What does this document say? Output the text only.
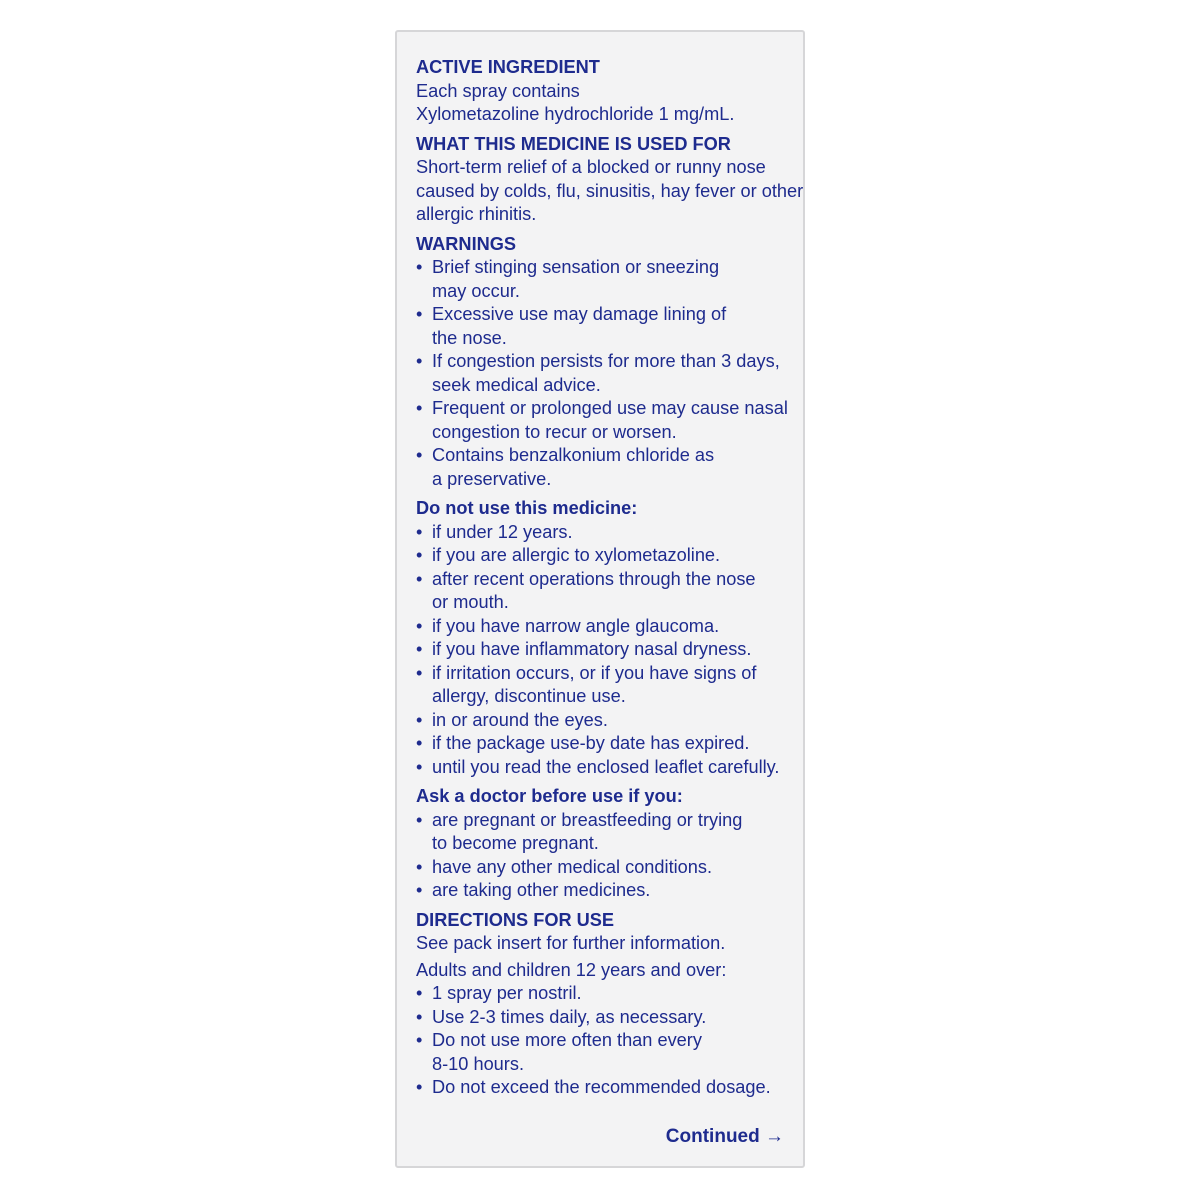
ACTIVE INGREDIENT
Each spray contains
Xylometazoline hydrochloride 1 mg/mL.
WHAT THIS MEDICINE IS USED FOR
Short-term relief of a blocked or runny nose
caused by colds, flu, sinusitis, hay fever or other
allergic rhinitis.
WARNINGS
• Brief stinging sensation or sneezing
may occur.
• Excessive use may damage lining of
the nose.
• If congestion persists for more than 3 days,
seek medical advice.
• Frequent or prolonged use may cause nasal
congestion to recur or worsen.
• Contains benzalkonium chloride as
a preservative.
Do not use this medicine:
• if under 12 years.
• if you are allergic to xylometazoline.
• after recent operations through the nose
or mouth.
• if you have narrow angle glaucoma.
• if you have inflammatory nasal dryness.
• if irritation occurs, or if you have signs of
allergy, discontinue use.
• in or around the eyes.
• if the package use-by date has expired.
• until you read the enclosed leaflet carefully.
Ask a doctor before use if you:
• are pregnant or breastfeeding or trying
to become pregnant.
• have any other medical conditions.
• are taking other medicines.
DIRECTIONS FOR USE
See pack insert for further information.
Adults and children 12 years and over:
• 1 spray per nostril.
• Use 2-3 times daily, as necessary.
• Do not use more often than every
8-10 hours.
• Do not exceed the recommended dosage.
Continued →
